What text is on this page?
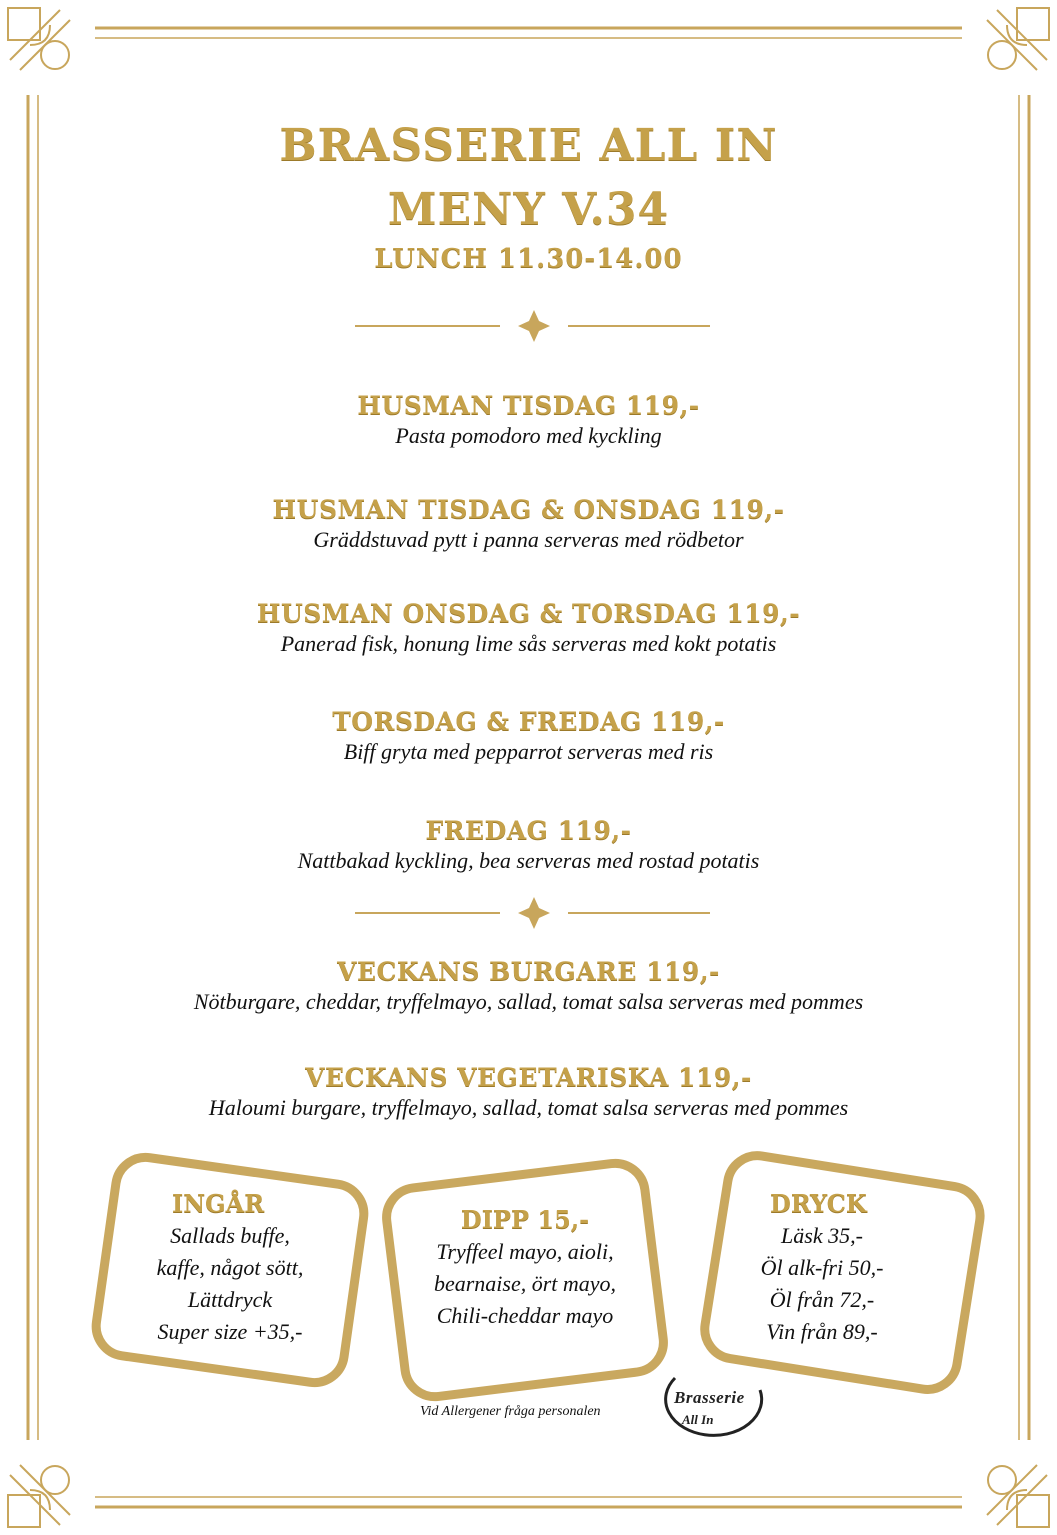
BRASSERIE ALL IN
MENY V.34
LUNCH 11.30-14.00
HUSMAN TISDAG 119,-
Pasta pomodoro med kyckling
HUSMAN TISDAG & ONSDAG 119,-
Gräddstuvad pytt i panna serveras med rödbetor
HUSMAN ONSDAG & TORSDAG 119,-
Panerad fisk, honung lime sås serveras med kokt potatis
TORSDAG & FREDAG 119,-
Biff gryta med pepparrot serveras med ris
FREDAG 119,-
Nattbakad kyckling, bea serveras med rostad potatis
VECKANS BURGARE 119,-
Nötburgare, cheddar, tryffelmayo, sallad, tomat salsa serveras med pommes
VECKANS VEGETARISKA 119,-
Haloumi burgare, tryffelmayo, sallad, tomat salsa serveras med pommes
INGÅR
Sallads buffe,
kaffe, något sött,
Lättdryck
Super size +35,-
DIPP 15,-
Tryffeel mayo, aioli,
bearnaise, ört mayo,
Chili-cheddar mayo
DRYCK
Läsk 35,-
Öl alk-fri 50,-
Öl från 72,-
Vin från 89,-
Vid Allergener fråga personalen
Brasserie
All In
